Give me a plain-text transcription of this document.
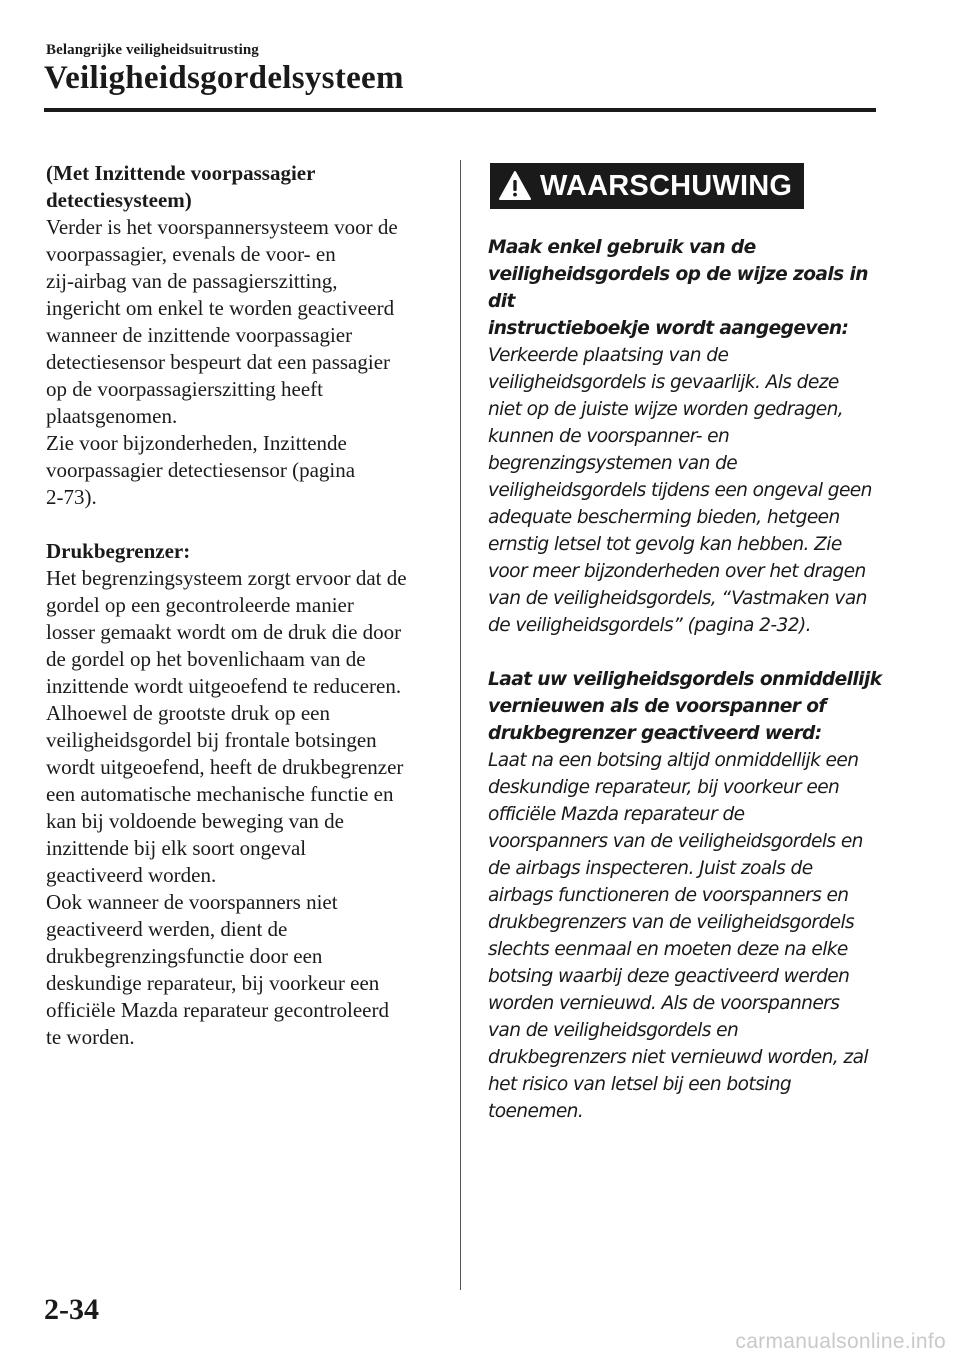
Belangrijke veiligheidsuitrusting
Veiligheidsgordelsysteem

(Met Inzittende voorpassagier
detectiesysteem)

Verder is het voorspannersysteem voor de
voorpassagier, evenals de voor- en
zij-airbag van de passagierszitting,
ingericht om enkel te worden geactiveerd
wanneer de inzittende voorpassagier
detectiesensor bespeurt dat een passagier
op de voorpassagierszitting heeft
plaatsgenomen.
Zie voor bijzonderheden, Inzittende
voorpassagier detectiesensor (pagina
2-73).

Drukbegrenzer:

Het begrenzingsysteem zorgt ervoor dat de
gordel op een gecontroleerde manier
losser gemaakt wordt om de druk die door
de gordel op het bovenlichaam van de
inzittende wordt uitgeoefend te reduceren.
Alhoewel de grootste druk op een
veiligheidsgordel bij frontale botsingen
wordt uitgeoefend, heeft de drukbegrenzer
een automatische mechanische functie en
kan bij voldoende beweging van de
inzittende bij elk soort ongeval
geactiveerd worden.
Ook wanneer de voorspanners niet
geactiveerd werden, dient de
drukbegrenzingsfunctie door een
deskundige reparateur, bij voorkeur een
officiële Mazda reparateur gecontroleerd
te worden.

WAARSCHUWING

Maak enkel gebruik van de
veiligheidsgordels op de wijze zoals in dit
instructieboekje wordt aangegeven:

Verkeerde plaatsing van de
veiligheidsgordels is gevaarlijk. Als deze
niet op de juiste wijze worden gedragen,
kunnen de voorspanner- en
begrenzingsystemen van de
veiligheidsgordels tijdens een ongeval geen
adequate bescherming bieden, hetgeen
ernstig letsel tot gevolg kan hebben. Zie
voor meer bijzonderheden over het dragen
van de veiligheidsgordels, “Vastmaken van
de veiligheidsgordels” (pagina 2-32).

Laat uw veiligheidsgordels onmiddellijk
vernieuwen als de voorspanner of
drukbegrenzer geactiveerd werd:

Laat na een botsing altijd onmiddellijk een
deskundige reparateur, bij voorkeur een
officiële Mazda reparateur de
voorspanners van de veiligheidsgordels en
de airbags inspecteren. Juist zoals de
airbags functioneren de voorspanners en
drukbegrenzers van de veiligheidsgordels
slechts eenmaal en moeten deze na elke
botsing waarbij deze geactiveerd werden
worden vernieuwd. Als de voorspanners
van de veiligheidsgordels en
drukbegrenzers niet vernieuwd worden, zal
het risico van letsel bij een botsing
toenemen.

2-34
carmanualsonline.info
